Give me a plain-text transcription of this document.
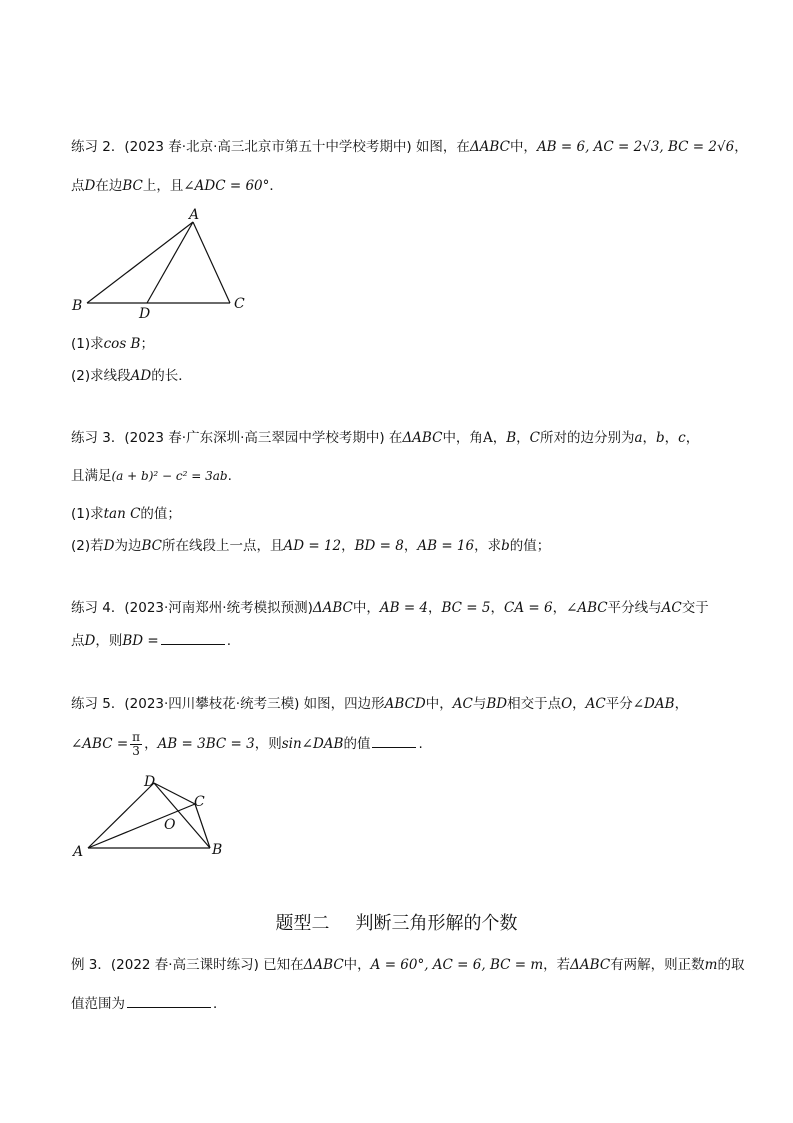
练习 2．(2023 春·北京·高三北京市第五十中学校考期中) 如图，在ΔABC中，AB = 6, AC = 2√3, BC = 2√6，
点D在边BC上，且∠ADC = 60°．
A
B	C
D
(1)求cos B；
(2)求线段AD的长．
练习 3．(2023 春·广东深圳·高三翠园中学校考期中) 在ΔABC中，角A，B，C所对的边分别为a，b，c，
且满足(a + b)² − c² = 3ab.
(1)求tan C的值；
(2)若D为边BC所在线段上一点，且AD = 12，BD = 8，AB = 16，求b的值；
练习 4．(2023·河南郑州·统考模拟预测)ΔABC中，AB = 4，BC = 5，CA = 6，∠ABC平分线与AC交于
点D，则BD =	.
练习 5．(2023·四川攀枝花·统考三模) 如图，四边形ABCD中，AC与BD相交于点O，AC平分∠DAB，
∠ABC = $\frac{\pi}{3}$ ，AB = 3BC = 3，则sin∠DAB的值	.
A	B
C
D
O
题型二 判断三角形解的个数
例 3．(2022 春·高三课时练习) 已知在ΔABC中，A = 60°, AC = 6, BC = m，若ΔABC有两解，则正数m的取
值范围为	．
